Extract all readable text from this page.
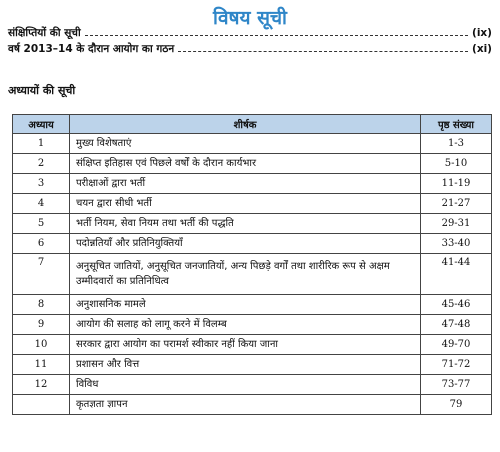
विषय सूची
संक्षिप्तियों की सूची	(ix)
वर्ष 2013–14 के दौरान आयोग का गठन	(xi)
अध्यायों की सूची
अध्याय	शीर्षक	पृष्ठ संख्या
1	मुख्य विशेषताएं	1-3
2	संक्षिप्त इतिहास एवं पिछले वर्षों के दौरान कार्यभार	5-10
3	परीक्षाओं द्वारा भर्ती	11-19
4	चयन द्वारा सीधी भर्ती	21-27
5	भर्ती नियम, सेवा नियम तथा भर्ती की पद्धति	29-31
6	पदोन्नतियाँ और प्रतिनियुक्तियाँ	33-40
7	अनुसूचित जातियों, अनुसूचित जनजातियों, अन्य पिछड़े वर्गों तथा शारीरिक रूप से अक्षम उम्मीदवारों का प्रतिनिधित्व	41-44
8	अनुशासनिक मामले	45-46
9	आयोग की सलाह को लागू करने में विलम्ब	47-48
10	सरकार द्वारा आयोग का परामर्श स्वीकार नहीं किया जाना	49-70
11	प्रशासन और वित्त	71-72
12	विविध	73-77
	कृतज्ञता ज्ञापन	79
